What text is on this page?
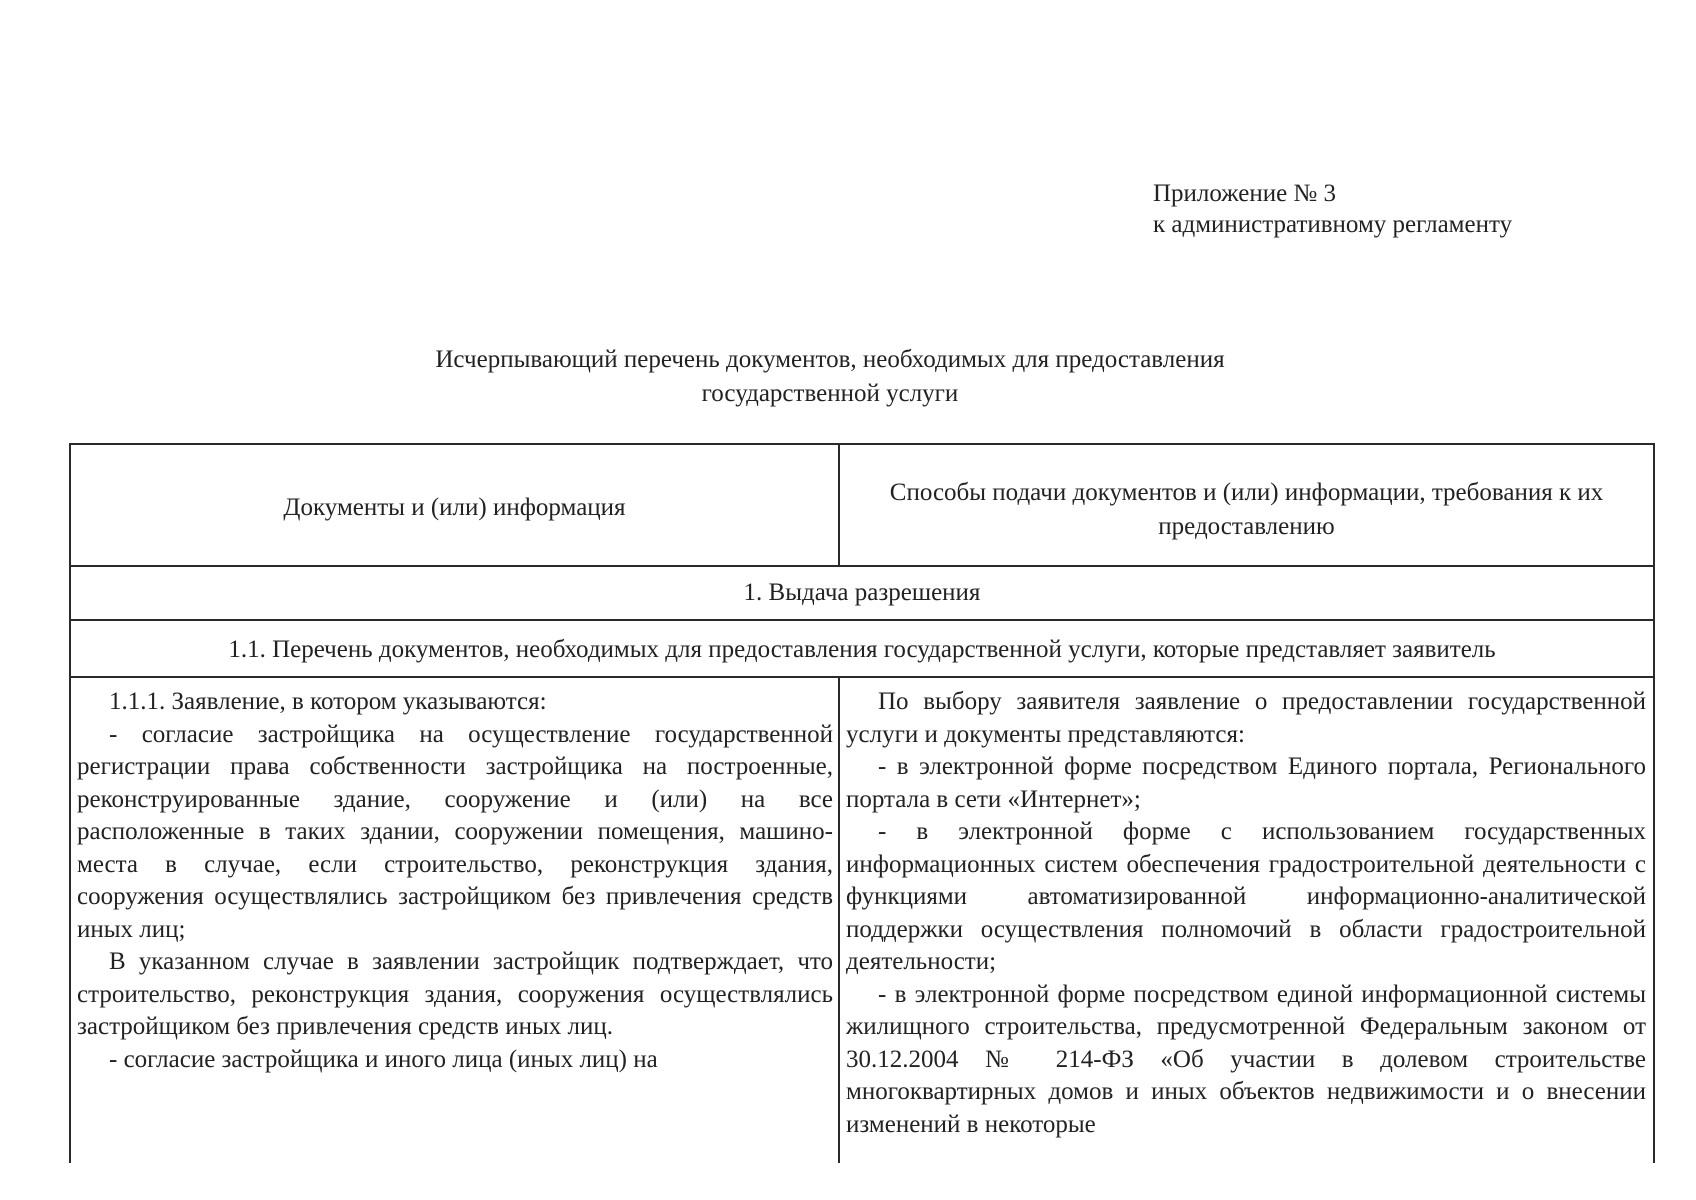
Приложение № 3
к административному регламенту
Исчерпывающий перечень документов, необходимых для предоставления
государственной услуги
Документы и (или) информация
Способы подачи документов и (или) информации, требования к их предоставлению
1. Выдача разрешения
1.1. Перечень документов, необходимых для предоставления государственной услуги, которые представляет заявитель

1.1.1. Заявление, в котором указываются:

- согласие застройщика на осуществление государственной регистрации права собственности застройщика на построенные, реконструированные здание, сооружение и (или) на все расположенные в таких здании, сооружении помещения, машино-места в случае, если строительство, реконструкция здания, сооружения осуществлялись застройщиком без привлечения средств иных лиц;

В указанном случае в заявлении застройщик подтверждает, что строительство, реконструкция здания, сооружения осуществлялись застройщиком без привлечения средств иных лиц.

- согласие застройщика и иного лица (иных лиц) на

По выбору заявителя заявление о предоставлении государственной услуги и документы представляются:

- в электронной форме посредством Единого портала, Регионального портала в сети «Интернет»;

- в электронной форме с использованием государственных информационных систем обеспечения градостроительной деятельности с функциями автоматизированной информационно-аналитической поддержки осуществления полномочий в области градостроительной деятельности;

- в электронной форме посредством единой информационной системы жилищного строительства, предусмотренной Федеральным законом от 30.12.2004 № 214-ФЗ «Об участии в долевом строительстве многоквартирных домов и иных объектов недвижимости и о внесении изменений в некоторые
